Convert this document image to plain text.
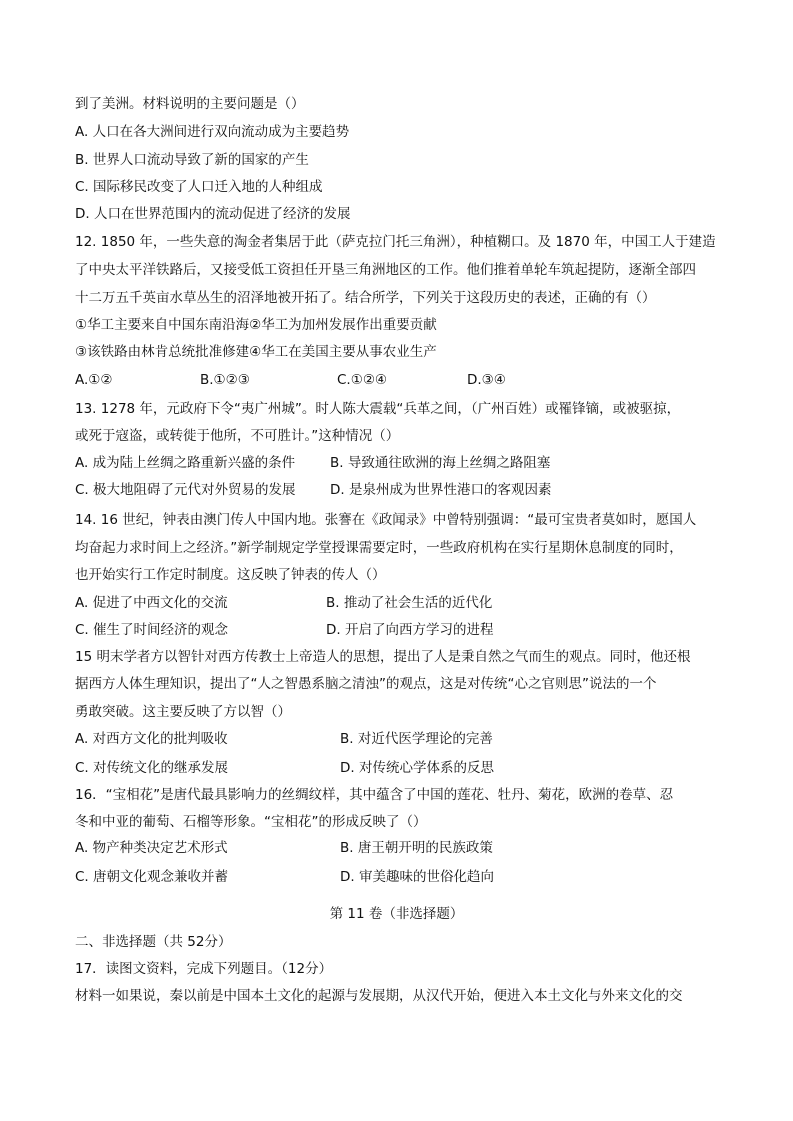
到了美洲。材料说明的主要问题是（）
A. 人口在各大洲间进行双向流动成为主要趋势
B. 世界人口流动导致了新的国家的产生
C. 国际移民改变了人口迁入地的人种组成
D. 人口在世界范围内的流动促进了经济的发展
12. 1850 年，一些失意的淘金者集居于此（萨克拉门托三角洲），种植糊口。及 1870 年，中国工人于建造
了中央太平洋铁路后，又接受低工资担任开垦三角洲地区的工作。他们推着单轮车筑起提防，逐渐全部四
十二万五千英亩水草丛生的沼泽地被开拓了。结合所学，下列关于这段历史的表述，正确的有（）
①华工主要来自中国东南沿海②华工为加州发展作出重要贡献
③该铁路由林肯总统批准修建④华工在美国主要从事农业生产
A.①②	B.①②③	C.①②④	D.③④
13. 1278 年，元政府下令“夷广州城”。时人陈大震载“兵革之间，（广州百姓）或罹锋镝，或被驱掠，
或死于寇盗，或转徙于他所，不可胜计。”这种情况（）
A. 成为陆上丝绸之路重新兴盛的条件	B. 导致通往欧洲的海上丝绸之路阻塞
C. 极大地阻碍了元代对外贸易的发展	D. 是泉州成为世界性港口的客观因素
14. 16 世纪，钟表由澳门传人中国内地。张謇在《政闻录》中曾特别强调：“最可宝贵者莫如时，愿国人
均奋起力求时间上之经济。”新学制规定学堂授课需要定时，一些政府机构在实行星期休息制度的同时，
也开始实行工作定时制度。这反映了钟表的传人（）
A. 促进了中西文化的交流	B. 推动了社会生活的近代化
C. 催生了时间经济的观念	D. 开启了向西方学习的进程
15 明末学者方以智针对西方传教士上帝造人的思想，提出了人是秉自然之气而生的观点。同时，他还根
据西方人体生理知识，提出了“人之智愚系脑之清浊”的观点，这是对传统“心之官则思”说法的一个
勇敢突破。这主要反映了方以智（）
A. 对西方文化的批判吸收	B. 对近代医学理论的完善
C. 对传统文化的继承发展	D. 对传统心学体系的反思
16．“宝相花”是唐代最具影响力的丝绸纹样，其中蕴含了中国的莲花、牡丹、菊花，欧洲的卷草、忍
冬和中亚的葡萄、石榴等形象。“宝相花”的形成反映了（）
A. 物产种类决定艺术形式	B. 唐王朝开明的民族政策
C. 唐朝文化观念兼收并蓄	D. 审美趣味的世俗化趋向
第 11 卷（非选择题）
二、非选择题（共 52分）
17．读图文资料，完成下列题目。（12分）
材料一如果说，秦以前是中国本土文化的起源与发展期，从汉代开始，便进入本土文化与外来文化的交
